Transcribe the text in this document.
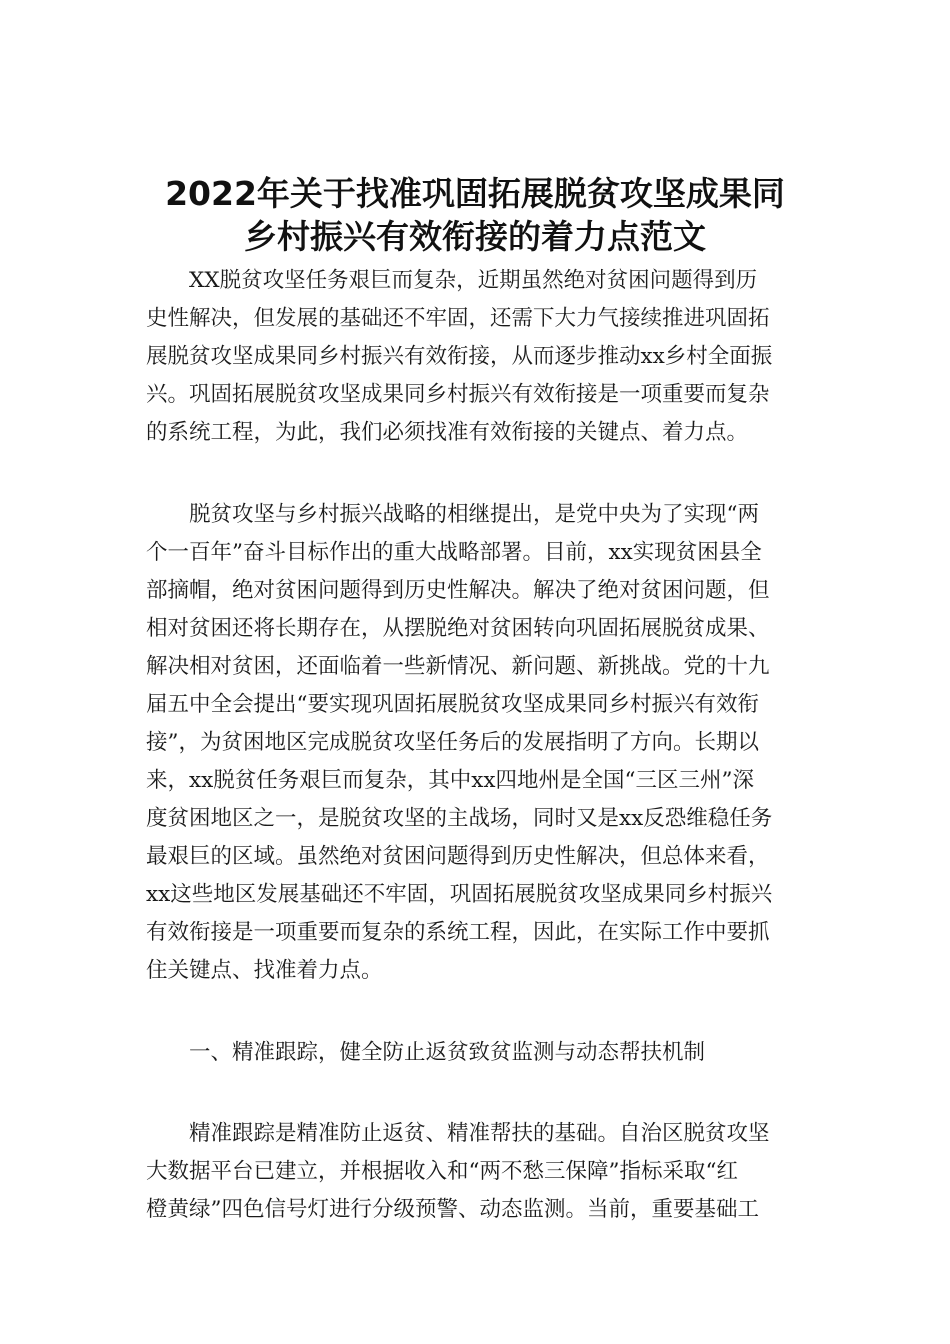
2022年关于找准巩固拓展脱贫攻坚成果同
乡村振兴有效衔接的着力点范文
XX脱贫攻坚任务艰巨而复杂，近期虽然绝对贫困问题得到历
史性解决，但发展的基础还不牢固，还需下大力气接续推进巩固拓
展脱贫攻坚成果同乡村振兴有效衔接，从而逐步推动xx乡村全面振
兴。巩固拓展脱贫攻坚成果同乡村振兴有效衔接是一项重要而复杂
的系统工程，为此，我们必须找准有效衔接的关键点、着力点。
脱贫攻坚与乡村振兴战略的相继提出，是党中央为了实现“两
个一百年”奋斗目标作出的重大战略部署。目前，xx实现贫困县全
部摘帽，绝对贫困问题得到历史性解决。解决了绝对贫困问题，但
相对贫困还将长期存在，从摆脱绝对贫困转向巩固拓展脱贫成果、
解决相对贫困，还面临着一些新情况、新问题、新挑战。党的十九
届五中全会提出“要实现巩固拓展脱贫攻坚成果同乡村振兴有效衔
接”，为贫困地区完成脱贫攻坚任务后的发展指明了方向。长期以
来，xx脱贫任务艰巨而复杂，其中xx四地州是全国“三区三州”深
度贫困地区之一，是脱贫攻坚的主战场，同时又是xx反恐维稳任务
最艰巨的区域。虽然绝对贫困问题得到历史性解决，但总体来看，
xx这些地区发展基础还不牢固，巩固拓展脱贫攻坚成果同乡村振兴
有效衔接是一项重要而复杂的系统工程，因此，在实际工作中要抓
住关键点、找准着力点。
一、精准跟踪，健全防止返贫致贫监测与动态帮扶机制
精准跟踪是精准防止返贫、精准帮扶的基础。自治区脱贫攻坚
大数据平台已建立，并根据收入和“两不愁三保障”指标采取“红
橙黄绿”四色信号灯进行分级预警、动态监测。当前，重要基础工
